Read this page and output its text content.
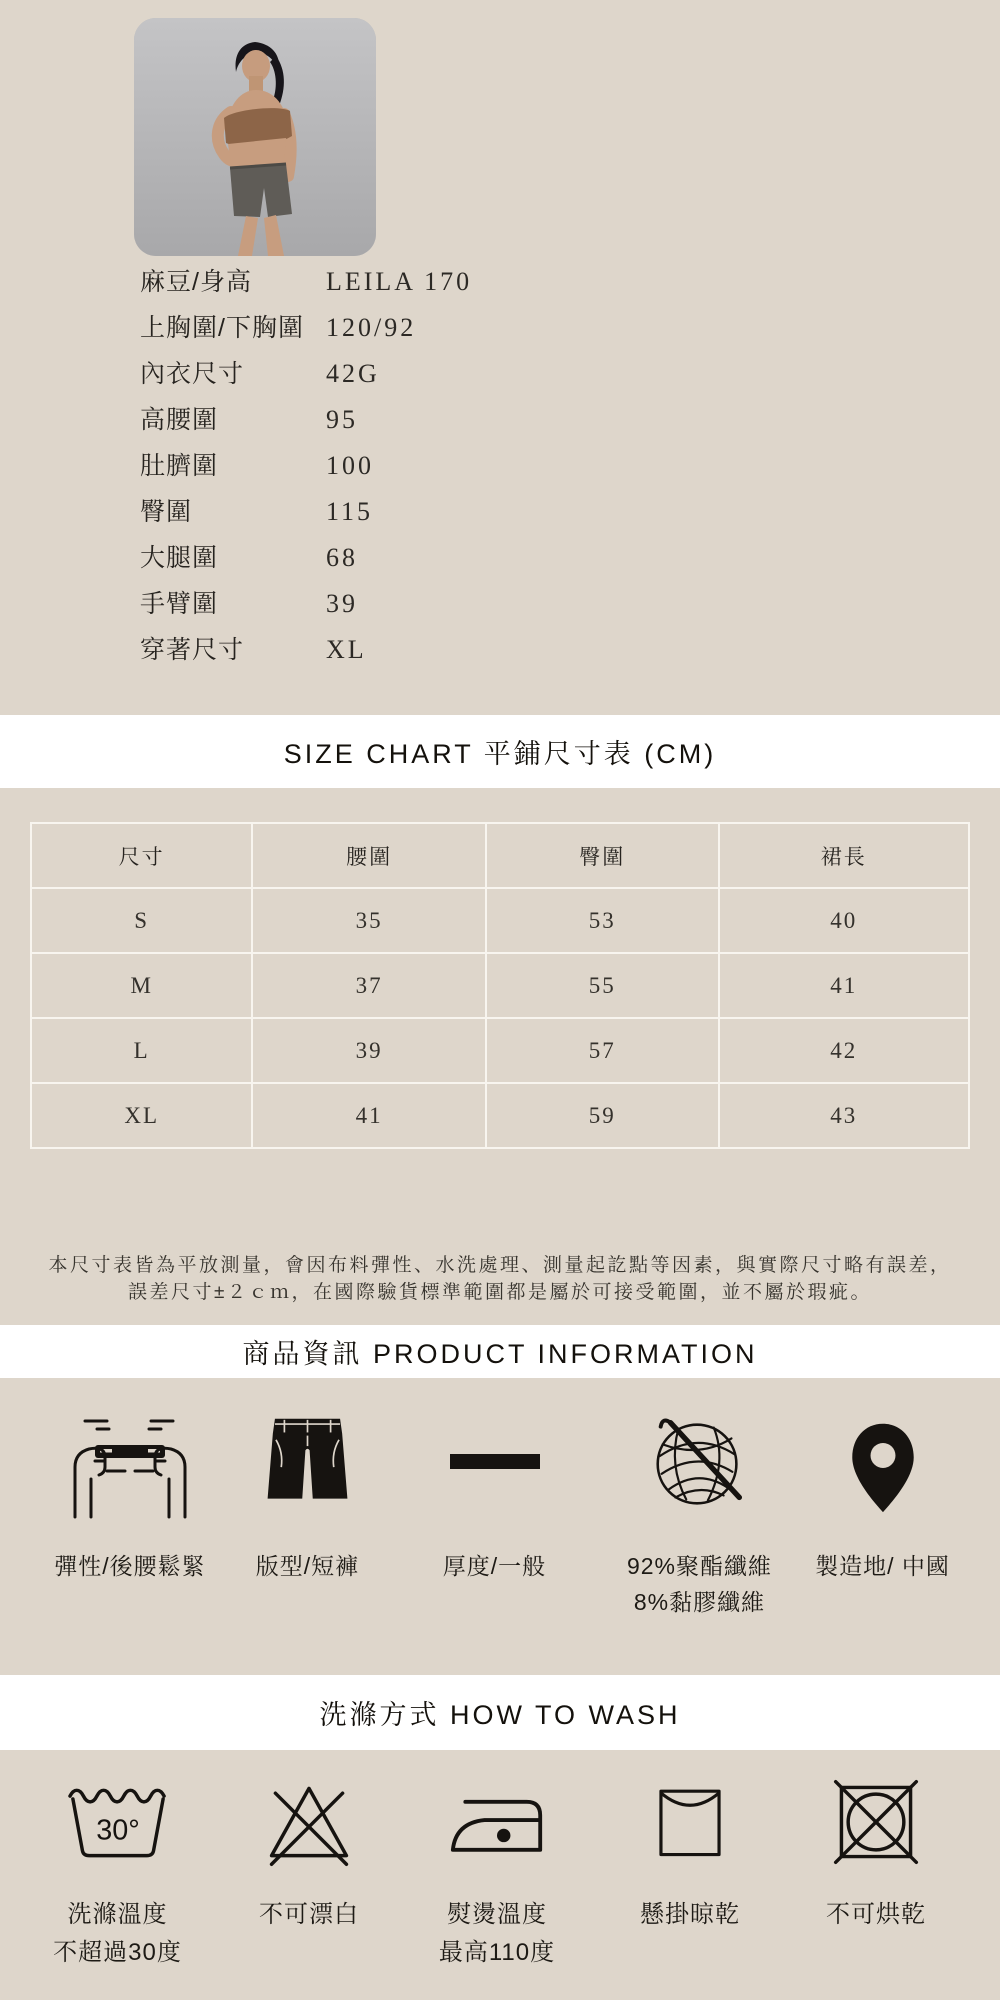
麻豆/身高	LEILA 170
上胸圍/下胸圍 120/92
內衣尺寸	42G
高腰圍	95
肚臍圍	100
臀圍	115
大腿圍	68
手臂圍	39
穿著尺寸	XL
SIZE CHART 平鋪尺寸表 (CM)
尺寸	腰圍	臀圍	裙長
S	35	53	40
M	37	55	41
L	39	57	42
XL	41	59	43

本尺寸表皆為平放測量，會因布料彈性、水洗處理、測量起訖點等因素，與實際尺寸略有誤差，
誤差尺寸±２ｃｍ，在國際驗貨標準範圍都是屬於可接受範圍，並不屬於瑕疵。

商品資訊 PRODUCT INFORMATION
彈性/後腰鬆緊	版型/短褲	厚度/一般	92%聚酯纖維
8%黏膠纖維
製造地/ 中國
洗滌方式 HOW TO WASH
30°
洗滌溫度
不超過30度
不可漂白	熨燙溫度
最高110度
懸掛晾乾	不可烘乾
